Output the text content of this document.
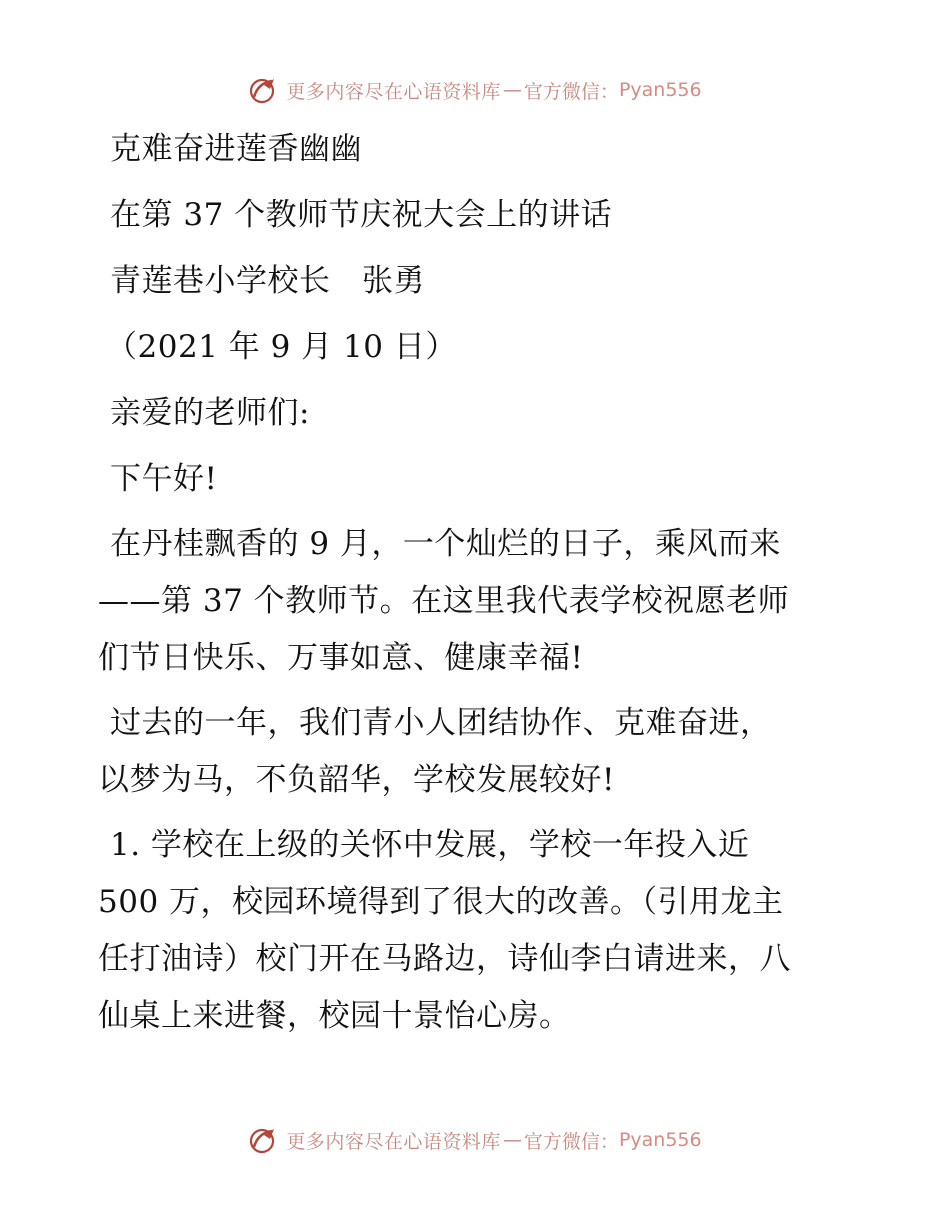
更多内容尽在心语资料库 — 官方微信： Pyan556
克难奋进莲香幽幽
在第 37 个教师节庆祝大会上的讲话
青莲巷小学校长　张勇
（2021 年 9 月 10 日）
亲爱的老师们:
下午好!
在丹桂飘香的 9 月，一个灿烂的日子，乘风而来
——第 37 个教师节。在这里我代表学校祝愿老师
们节日快乐、万事如意、健康幸福!
过去的一年，我们青小人团结协作、克难奋进，
以梦为马，不负韶华，学校发展较好!
1. 学校在上级的关怀中发展，学校一年投入近
500 万，校园环境得到了很大的改善。（引用龙主
任打油诗）校门开在马路边，诗仙李白请进来，八
仙桌上来进餐，校园十景怡心房。
更多内容尽在心语资料库 — 官方微信： Pyan556
